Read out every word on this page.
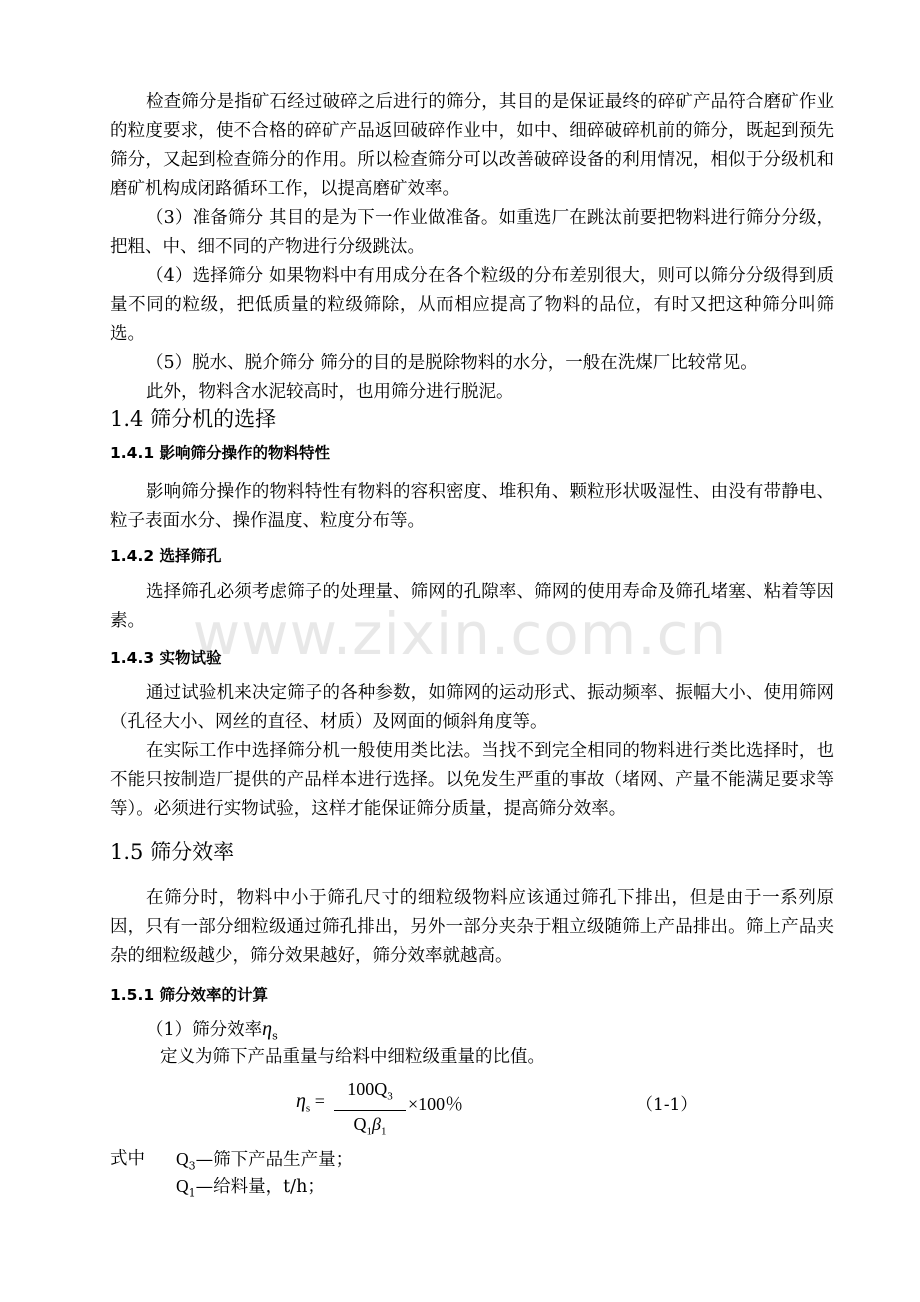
检查筛分是指矿石经过破碎之后进行的筛分，其目的是保证最终的碎矿产品符合磨矿作业的粒度要求，使不合格的碎矿产品返回破碎作业中，如中、细碎破碎机前的筛分，既起到预先筛分，又起到检查筛分的作用。所以检查筛分可以改善破碎设备的利用情况，相似于分级机和磨矿机构成闭路循环工作，以提高磨矿效率。

（3）准备筛分 其目的是为下一作业做准备。如重选厂在跳汰前要把物料进行筛分分级，把粗、中、细不同的产物进行分级跳汰。

（4）选择筛分 如果物料中有用成分在各个粒级的分布差别很大，则可以筛分分级得到质量不同的粒级，把低质量的粒级筛除，从而相应提高了物料的品位，有时又把这种筛分叫筛选。

（5）脱水、脱介筛分 筛分的目的是脱除物料的水分，一般在洗煤厂比较常见。

此外，物料含水泥较高时，也用筛分进行脱泥。

1.4 筛分机的选择
1.4.1 影响筛分操作的物料特性

影响筛分操作的物料特性有物料的容积密度、堆积角、颗粒形状吸湿性、由没有带静电、粒子表面水分、操作温度、粒度分布等。

1.4.2 选择筛孔

选择筛孔必须考虑筛子的处理量、筛网的孔隙率、筛网的使用寿命及筛孔堵塞、粘着等因素。

1.4.3 实物试验

通过试验机来决定筛子的各种参数，如筛网的运动形式、振动频率、振幅大小、使用筛网（孔径大小、网丝的直径、材质）及网面的倾斜角度等。

在实际工作中选择筛分机一般使用类比法。当找不到完全相同的物料进行类比选择时，也不能只按制造厂提供的产品样本进行选择。以免发生严重的事故（堵网、产量不能满足要求等等）。必须进行实物试验，这样才能保证筛分质量，提高筛分效率。

1.5 筛分效率

在筛分时，物料中小于筛孔尺寸的细粒级物料应该通过筛孔下排出，但是由于一系列原因，只有一部分细粒级通过筛孔排出，另外一部分夹杂于粗立级随筛上产品排出。筛上产品夹杂的细粒级越少，筛分效果越好，筛分效率就越高。

1.5.1 筛分效率的计算
（1）筛分效率$\eta_s$
定义为筛下产品重量与给料中细粒级重量的比值。
$\eta_s$ =
$100Q_3$
$Q_1\beta_1$
×100％	（1-1）
式中 $Q_3—$筛下产品生产量；
$Q_1—$给料量，t/h；
www.zixin.com.cn
